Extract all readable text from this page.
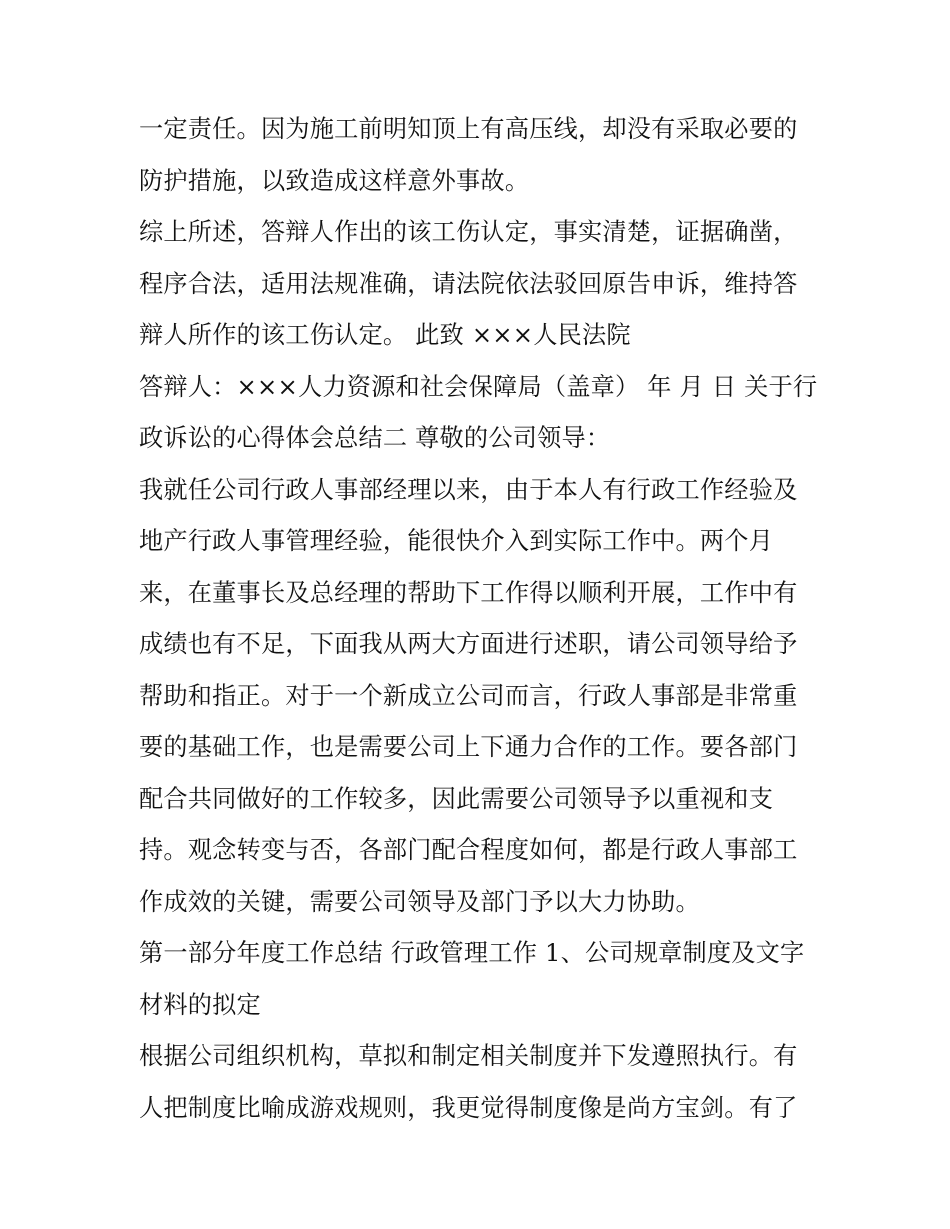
一定责任。因为施工前明知顶上有高压线，却没有采取必要的
防护措施，以致造成这样意外事故。
综上所述，答辩人作出的该工伤认定，事实清楚，证据确凿，
程序合法，适用法规准确，请法院依法驳回原告申诉，维持答
辩人所作的该工伤认定。 此致 ×××人民法院
答辩人：×××人力资源和社会保障局（盖章） 年 月 日 关于行
政诉讼的心得体会总结二 尊敬的公司领导：
我就任公司行政人事部经理以来，由于本人有行政工作经验及
地产行政人事管理经验，能很快介入到实际工作中。两个月
来，在董事长及总经理的帮助下工作得以顺利开展，工作中有
成绩也有不足，下面我从两大方面进行述职，请公司领导给予
帮助和指正。对于一个新成立公司而言，行政人事部是非常重
要的基础工作，也是需要公司上下通力合作的工作。要各部门
配合共同做好的工作较多，因此需要公司领导予以重视和支
持。观念转变与否，各部门配合程度如何，都是行政人事部工
作成效的关键，需要公司领导及部门予以大力协助。
第一部分年度工作总结 行政管理工作 1、公司规章制度及文字
材料的拟定
根据公司组织机构，草拟和制定相关制度并下发遵照执行。有
人把制度比喻成游戏规则，我更觉得制度像是尚方宝剑。有了
